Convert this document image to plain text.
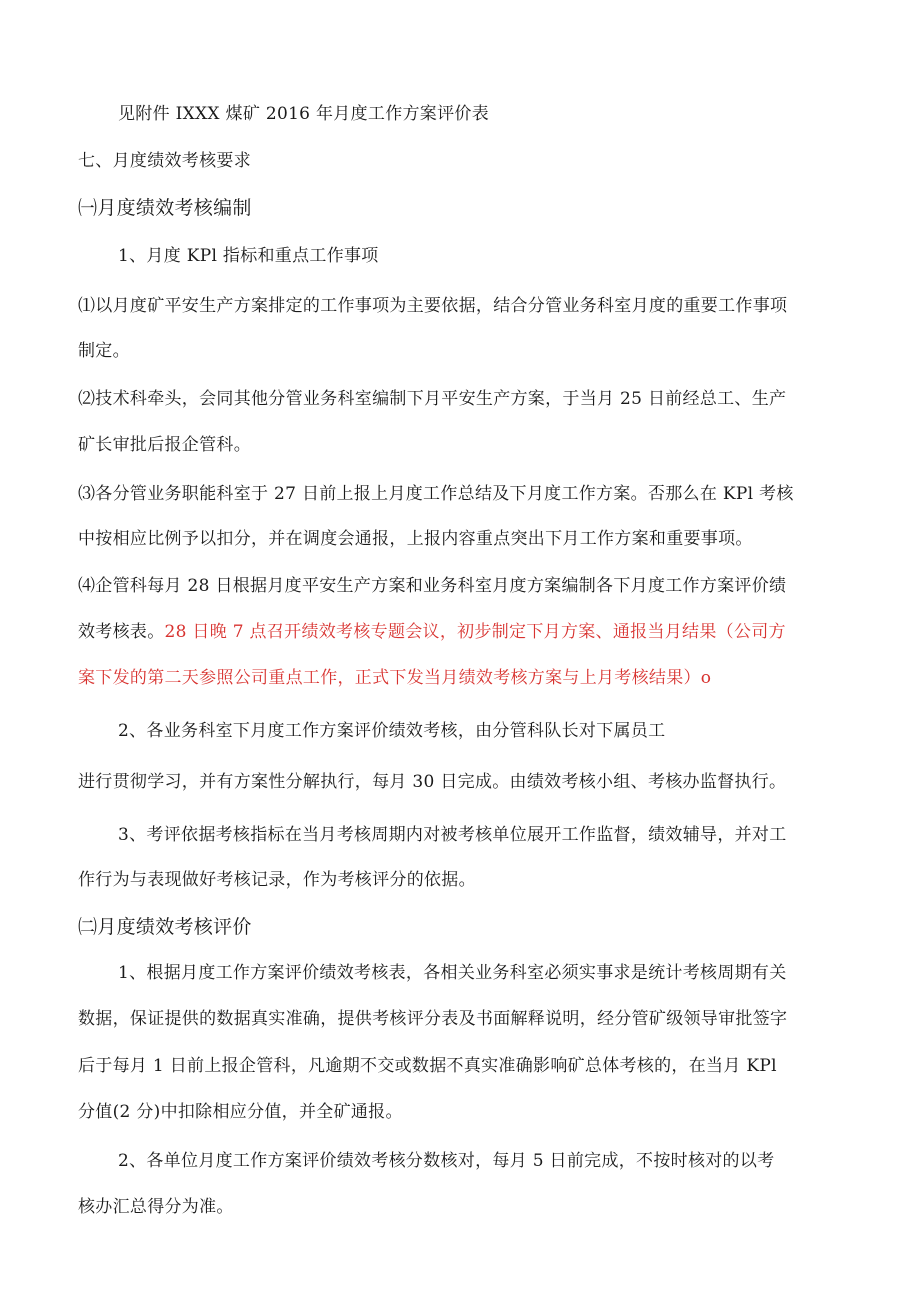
见附件 IXXX 煤矿 2016 年月度工作方案评价表
七、月度绩效考核要求
㈠月度绩效考核编制
1、月度 KPl 指标和重点工作事项
⑴以月度矿平安生产方案排定的工作事项为主要依据，结合分管业务科室月度的重要工作事项
制定。
⑵技术科牵头，会同其他分管业务科室编制下月平安生产方案，于当月 25 日前经总工、生产
矿长审批后报企管科。
⑶各分管业务职能科室于 27 日前上报上月度工作总结及下月度工作方案。否那么在 KPl 考核
中按相应比例予以扣分，并在调度会通报，上报内容重点突出下月工作方案和重要事项。
⑷企管科每月 28 日根据月度平安生产方案和业务科室月度方案编制各下月度工作方案评价绩
效考核表。28 日晚 7 点召开绩效考核专题会议，初步制定下月方案、通报当月结果（公司方
案下发的第二天参照公司重点工作，正式下发当月绩效考核方案与上月考核结果）o
2、各业务科室下月度工作方案评价绩效考核，由分管科队长对下属员工
进行贯彻学习，并有方案性分解执行，每月 30 日完成。由绩效考核小组、考核办监督执行。
3、考评依据考核指标在当月考核周期内对被考核单位展开工作监督，绩效辅导，并对工
作行为与表现做好考核记录，作为考核评分的依据。
㈡月度绩效考核评价
1、根据月度工作方案评价绩效考核表，各相关业务科室必须实事求是统计考核周期有关
数据，保证提供的数据真实准确，提供考核评分表及书面解释说明，经分管矿级领导审批签字
后于每月 1 日前上报企管科，凡逾期不交或数据不真实准确影响矿总体考核的，在当月 KPl
分值(2 分)中扣除相应分值，并全矿通报。
2、各单位月度工作方案评价绩效考核分数核对，每月 5 日前完成，不按时核对的以考
核办汇总得分为准。
